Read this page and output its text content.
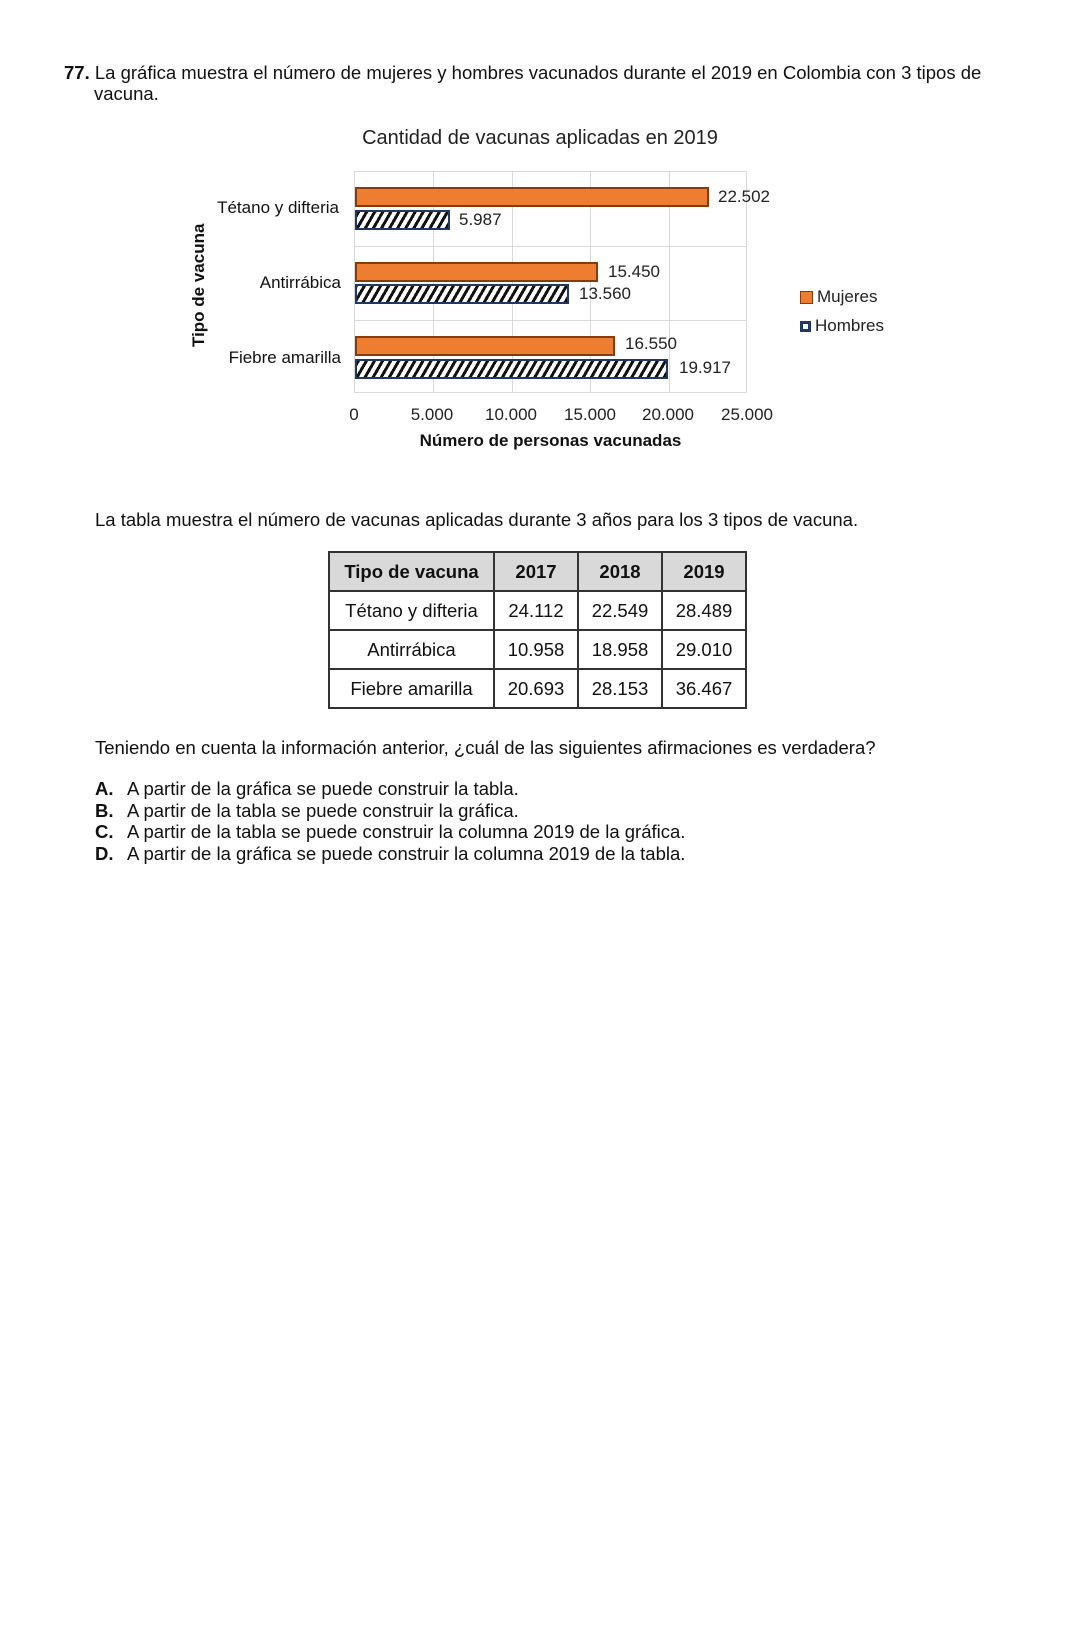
77. La gráfica muestra el número de mujeres y hombres vacunados durante el 2019 en Colombia con 3 tipos de
vacuna.
Cantidad de vacunas aplicadas en 2019
Tipo de vacuna
Tétano y difteria
Antirrábica
Fiebre amarilla
22.502
5.987
15.450
13.560
16.550
19.917
0	5.000	10.000	15.000	20.000	25.000
Número de personas vacunadas
Mujeres
Hombres
La tabla muestra el número de vacunas aplicadas durante 3 años para los 3 tipos de vacuna.
Tipo de vacuna	2017	2018	2019
Tétano y difteria	24.112	22.549	28.489
Antirrábica	10.958	18.958	29.010
Fiebre amarilla	20.693	28.153	36.467
Teniendo en cuenta la información anterior, ¿cuál de las siguientes afirmaciones es verdadera?
A. A partir de la gráfica se puede construir la tabla.
B. A partir de la tabla se puede construir la gráfica.
C. A partir de la tabla se puede construir la columna 2019 de la gráfica.
D. A partir de la gráfica se puede construir la columna 2019 de la tabla.
